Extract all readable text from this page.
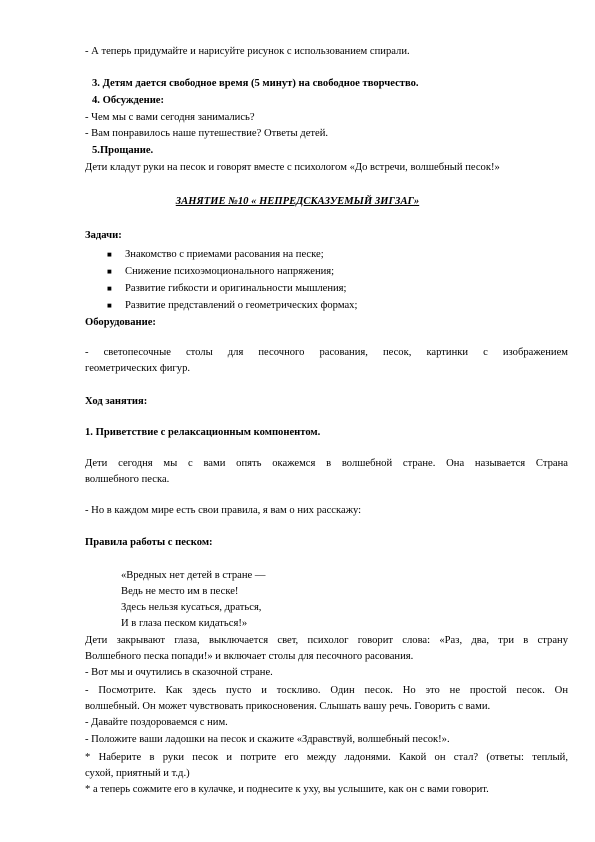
- А теперь придумайте и нарисуйте рисунок с использованием спирали.
3. Детям дается свободное время (5 минут) на свободное творчество.
4. Обсуждение:
- Чем мы с вами сегодня занимались?
- Вам понравилось наше путешествие? Ответы детей.
5.Прощание.
Дети кладут руки на песок и говорят вместе с психологом «До встречи, волшебный песок!»
ЗАНЯТИЕ №10 « НЕПРЕДСКАЗУЕМЫЙ ЗИГЗАГ»
Задачи:
■ Знакомство с приемами расования на песке;
■ Снижение психоэмоционального напряжения;
■ Развитие гибкости и оригинальности мышления;
■ Развитие представлений о геометрических формах;
Оборудование:
- светопесочные столы для песочного расования, песок, картинки с изображением
геометрических фигур.
Ход занятия:
1. Приветствие с релаксационным компонентом.
Дети сегодня мы с вами опять окажемся в волшебной стране. Она называется Страна
волшебного песка.
- Но в каждом мире есть свои правила, я вам о них расскажу:
Правила работы с песком:
«Вредных нет детей в стране —
Ведь не место им в песке!
Здесь нельзя кусаться, драться,
И в глаза песком кидаться!»
Дети закрывают глаза, выключается свет, психолог говорит слова: «Раз, два, три в страну
Волшебного песка попади!» и включает столы для песочного расования.
- Вот мы и очутились в сказочной стране.
- Посмотрите. Как здесь пусто и тоскливо. Один песок. Но это не простой песок. Он
волшебный. Он может чувствовать прикосновения. Слышать вашу речь. Говорить с вами.
- Давайте поздороваемся с ним.
- Положите ваши ладошки на песок и скажите «Здравствуй, волшебный песок!».
* Наберите в руки песок и потрите его между ладонями. Какой он стал? (ответы: теплый,
сухой, приятный и т.д.)
* а теперь сожмите его в кулачке, и поднесите к уху, вы услышите, как он с вами говорит.
